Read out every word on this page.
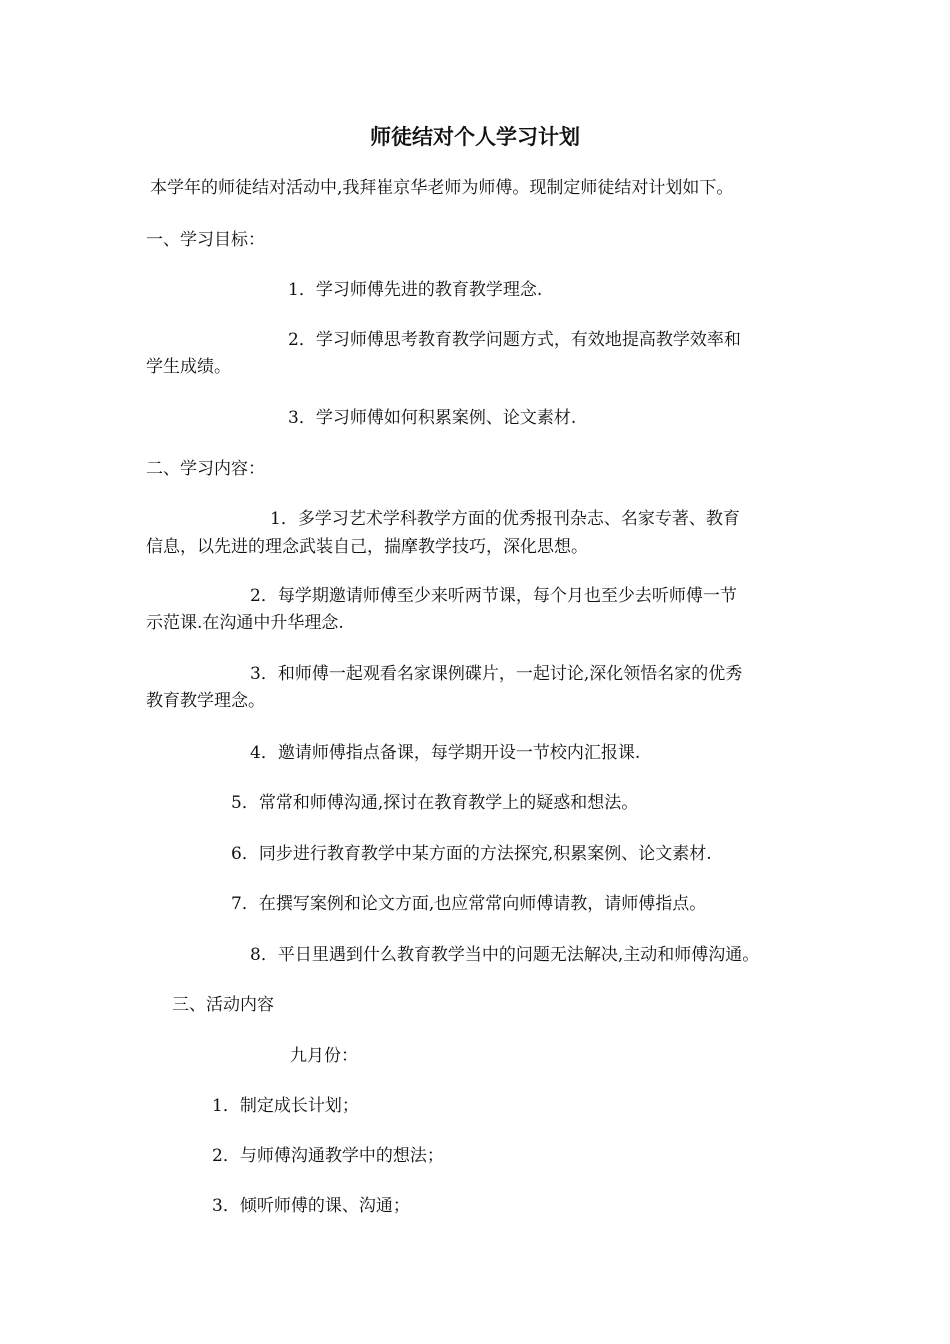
师徒结对个人学习计划

本学年的师徒结对活动中,我拜崔京华老师为师傅。现制定师徒结对计划如下。

一、学习目标：

1．学习师傅先进的教育教学理念.

2．学习师傅思考教育教学问题方式，有效地提高教学效率和

学生成绩。

3．学习师傅如何积累案例、论文素材.

二、学习内容：

1．多学习艺术学科教学方面的优秀报刊杂志、名家专著、教育

信息，以先进的理念武装自己，揣摩教学技巧，深化思想。

2．每学期邀请师傅至少来听两节课，每个月也至少去听师傅一节

示范课.在沟通中升华理念.

3．和师傅一起观看名家课例碟片，一起讨论,深化领悟名家的优秀

教育教学理念。

4．邀请师傅指点备课，每学期开设一节校内汇报课.

5．常常和师傅沟通,探讨在教育教学上的疑惑和想法。

6．同步进行教育教学中某方面的方法探究,积累案例、论文素材.

7．在撰写案例和论文方面,也应常常向师傅请教，请师傅指点。

8．平日里遇到什么教育教学当中的问题无法解决,主动和师傅沟通。

三、活动内容

九月份：

1．制定成长计划；

2．与师傅沟通教学中的想法；

3．倾听师傅的课、沟通；
